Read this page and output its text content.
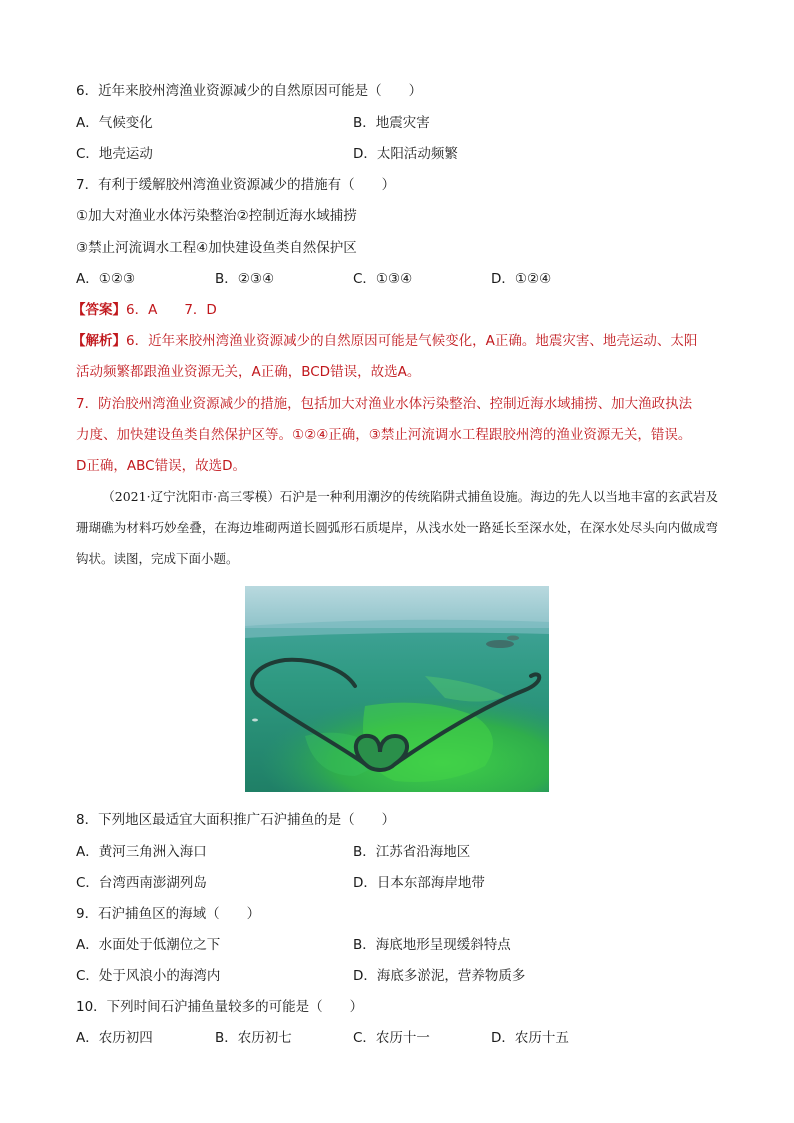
6．近年来胶州湾渔业资源减少的自然原因可能是（　　）
A．气候变化	B．地震灾害
C．地壳运动	D．太阳活动频繁
7．有利于缓解胶州湾渔业资源减少的措施有（　　）
①加大对渔业水体污染整治②控制近海水域捕捞
③禁止河流调水工程④加快建设鱼类自然保护区
A．①②③	B．②③④	C．①③④	D．①②④
【答案】6．A　　7．D
【解析】6．近年来胶州湾渔业资源减少的自然原因可能是气候变化，A正确。地震灾害、地壳运动、太阳
活动频繁都跟渔业资源无关，A正确，BCD错误，故选A。
7．防治胶州湾渔业资源减少的措施，包括加大对渔业水体污染整治、控制近海水域捕捞、加大渔政执法
力度、加快建设鱼类自然保护区等。①②④正确，③禁止河流调水工程跟胶州湾的渔业资源无关，错误。
D正确，ABC错误，故选D。
（2021·辽宁沈阳市·高三零模）石沪是一种利用潮汐的传统陷阱式捕鱼设施。海边的先人以当地丰富的玄武岩及珊瑚礁为材料巧妙垒叠，在海边堆砌两道长圆弧形石质堤岸，从浅水处一路延长至深水处，在深水处尽头向内做成弯钩状。读图，完成下面小题。
8．下列地区最适宜大面积推广石沪捕鱼的是（　　）
A．黄河三角洲入海口	B．江苏省沿海地区
C．台湾西南澎湖列岛	D．日本东部海岸地带
9．石沪捕鱼区的海域（　　）
A．水面处于低潮位之下	B．海底地形呈现缓斜特点
C．处于风浪小的海湾内	D．海底多淤泥，营养物质多
10．下列时间石沪捕鱼量较多的可能是（　　）
A．农历初四	B．农历初七	C．农历十一	D．农历十五
